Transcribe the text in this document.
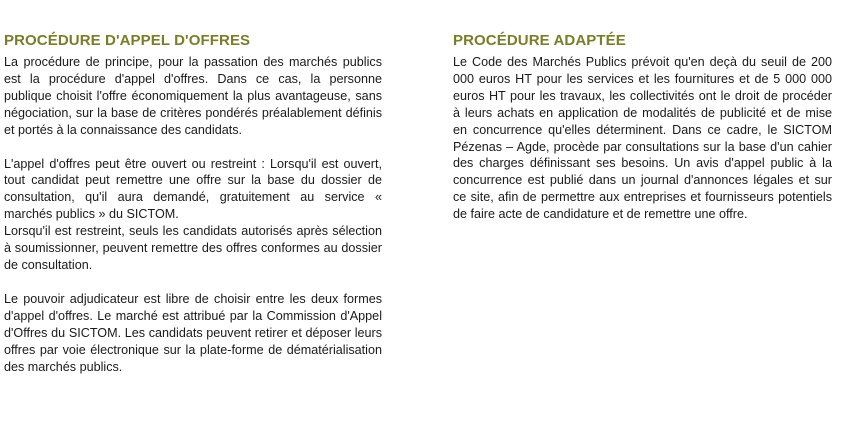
PROCÉDURE D'APPEL D'OFFRES

La procédure de principe, pour la passation des marchés publics est la procédure d'appel d'offres. Dans ce cas, la personne publique choisit l'offre économiquement la plus avantageuse, sans négociation, sur la base de critères pondérés préalablement définis et portés à la connaissance des candidats.

L'appel d'offres peut être ouvert ou restreint : Lorsqu'il est ouvert, tout candidat peut remettre une offre sur la base du dossier de consultation, qu'il aura demandé, gratuitement au service « marchés publics » du SICTOM.

Lorsqu'il est restreint, seuls les candidats autorisés après sélection à soumissionner, peuvent remettre des offres conformes au dossier de consultation.

Le pouvoir adjudicateur est libre de choisir entre les deux formes d'appel d'offres. Le marché est attribué par la Commission d'Appel d'Offres du SICTOM. Les candidats peuvent retirer et déposer leurs offres par voie électronique sur la plate-forme de dématérialisation des marchés publics.

PROCÉDURE ADAPTÉE

Le Code des Marchés Publics prévoit qu'en deçà du seuil de 200 000 euros HT pour les services et les fournitures et de 5 000 000 euros HT pour les travaux, les collectivités ont le droit de procéder à leurs achats en application de modalités de publicité et de mise en concurrence qu'elles déterminent. Dans ce cadre, le SICTOM Pézenas – Agde, procède par consultations sur la base d'un cahier des charges définissant ses besoins. Un avis d'appel public à la concurrence est publié dans un journal d'annonces légales et sur ce site, afin de permettre aux entreprises et fournisseurs potentiels de faire acte de candidature et de remettre une offre.
